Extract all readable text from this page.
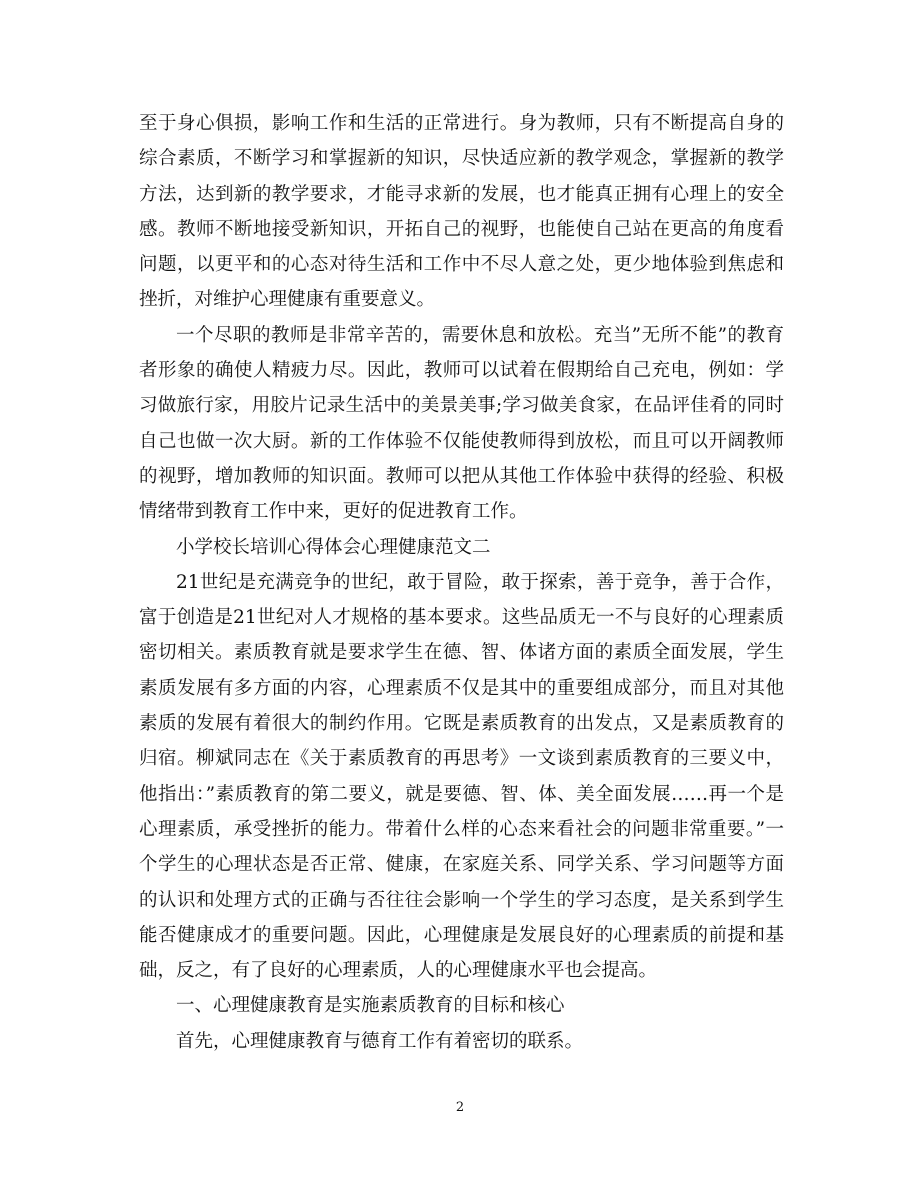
至于身心俱损，影响工作和生活的正常进行。身为教师，只有不断提高自身的综合素质，不断学习和掌握新的知识，尽快适应新的教学观念，掌握新的教学方法，达到新的教学要求，才能寻求新的发展，也才能真正拥有心理上的安全感。教师不断地接受新知识，开拓自己的视野，也能使自己站在更高的角度看问题，以更平和的心态对待生活和工作中不尽人意之处，更少地体验到焦虑和挫折，对维护心理健康有重要意义。

一个尽职的教师是非常辛苦的，需要休息和放松。充当”无所不能”的教育者形象的确使人精疲力尽。因此，教师可以试着在假期给自己充电，例如：学习做旅行家，用胶片记录生活中的美景美事;学习做美食家，在品评佳肴的同时自己也做一次大厨。新的工作体验不仅能使教师得到放松，而且可以开阔教师的视野，增加教师的知识面。教师可以把从其他工作体验中获得的经验、积极情绪带到教育工作中来，更好的促进教育工作。

小学校长培训心得体会心理健康范文二

21世纪是充满竞争的世纪，敢于冒险，敢于探索，善于竞争，善于合作，富于创造是21世纪对人才规格的基本要求。这些品质无一不与良好的心理素质密切相关。素质教育就是要求学生在德、智、体诸方面的素质全面发展，学生素质发展有多方面的内容，心理素质不仅是其中的重要组成部分，而且对其他素质的发展有着很大的制约作用。它既是素质教育的出发点，又是素质教育的归宿。柳斌同志在《关于素质教育的再思考》一文谈到素质教育的三要义中，他指出：”素质教育的第二要义，就是要德、智、体、美全面发展……再一个是心理素质，承受挫折的能力。带着什么样的心态来看社会的问题非常重要。”一个学生的心理状态是否正常、健康，在家庭关系、同学关系、学习问题等方面的认识和处理方式的正确与否往往会影响一个学生的学习态度，是关系到学生能否健康成才的重要问题。因此，心理健康是发展良好的心理素质的前提和基础，反之，有了良好的心理素质，人的心理健康水平也会提高。

一、心理健康教育是实施素质教育的目标和核心

首先，心理健康教育与德育工作有着密切的联系。

2
